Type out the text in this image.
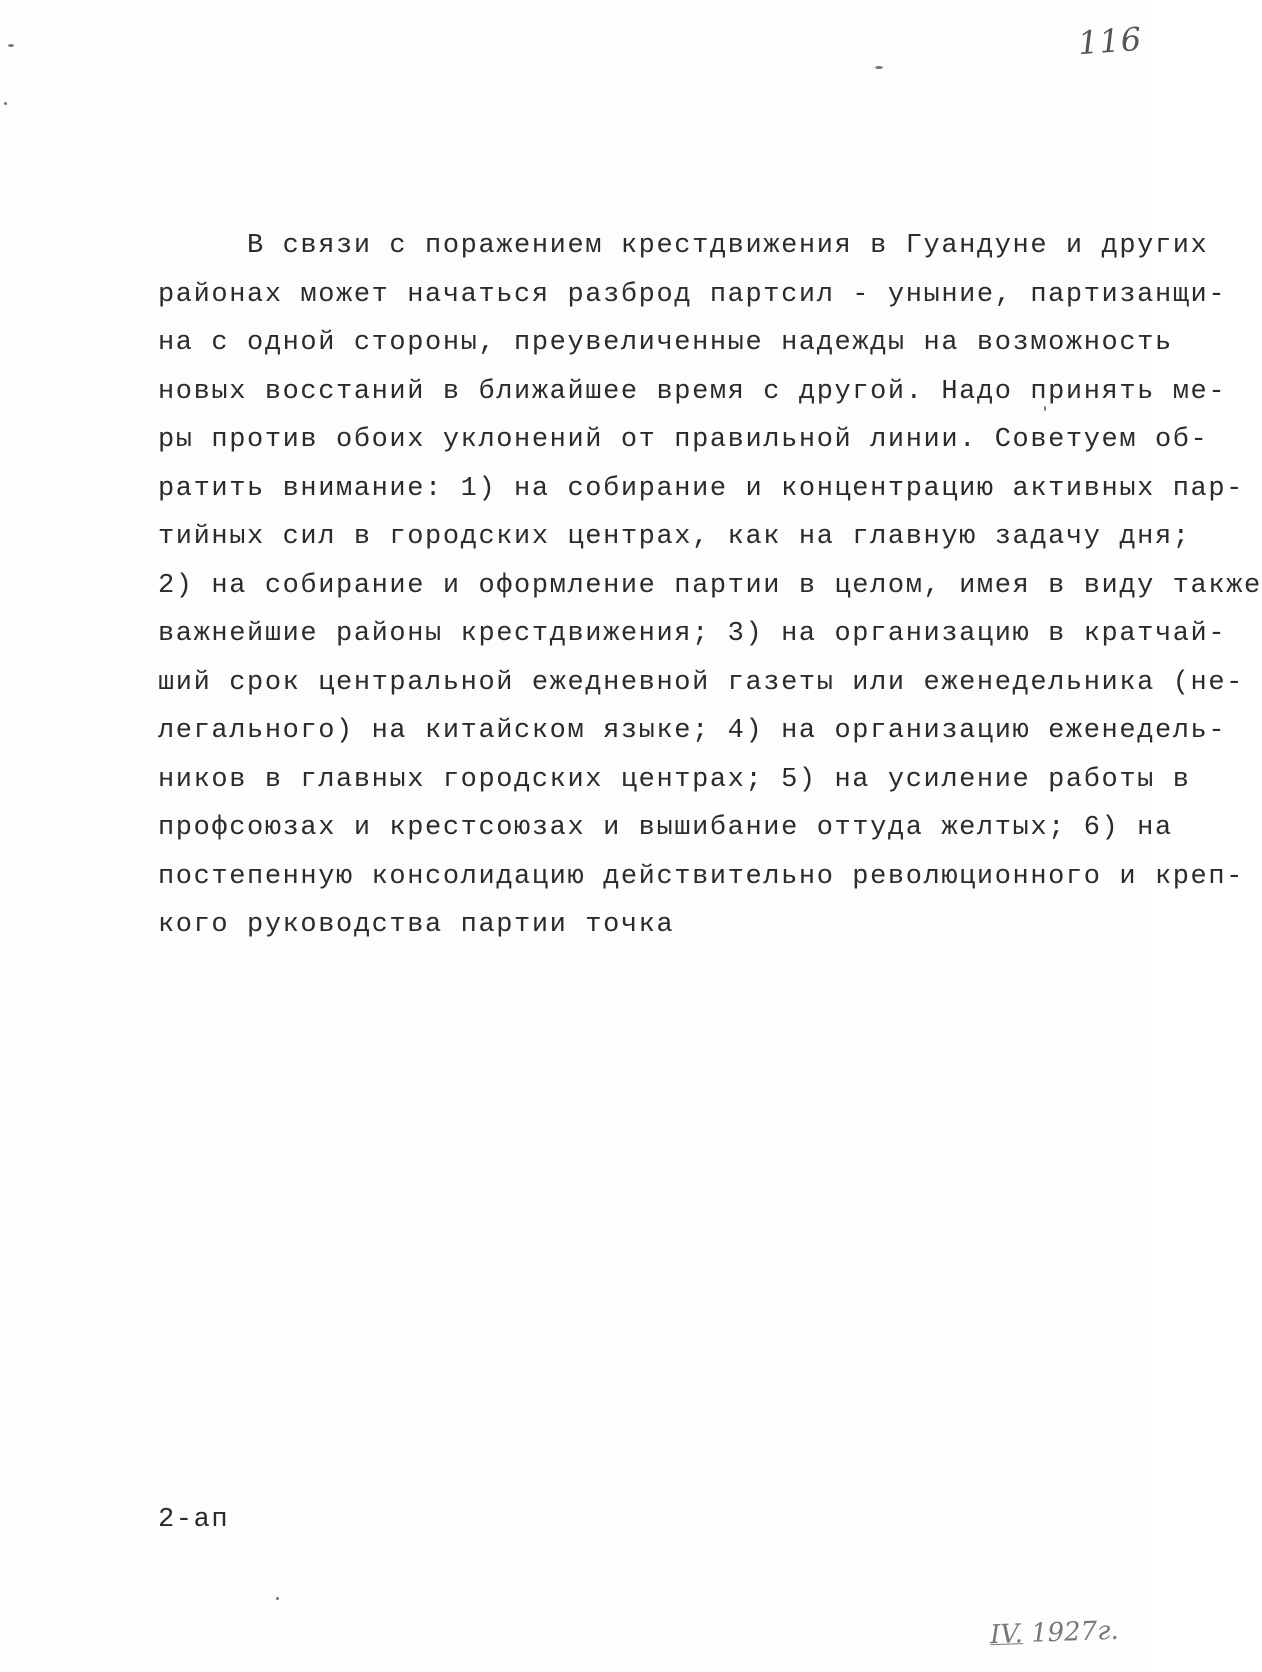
116
В связи с поражением крестдвижения в Гуандуне и других
районах может начаться разброд партсил - уныние, партизанщи-
на с одной стороны, преувеличенные надежды на возможность
новых восстаний в ближайшее время с другой. Надо принять ме-
ры против обоих уклонений от правильной линии. Советуем об-
ратить внимание: 1) на собирание и концентрацию активных пар-
тийных сил в городских центрах, как на главную задачу дня;
2) на собирание и оформление партии в целом, имея в виду также
важнейшие районы крестдвижения; 3) на организацию в кратчай-
ший срок центральной ежедневной газеты или еженедельника (не-
легального) на китайском языке; 4) на организацию еженедель-
ников в главных городских центрах; 5) на усиление работы в
профсоюзах и крестсоюзах и вышибание оттуда желтых; 6) на
постепенную консолидацию действительно революционного и креп-
кого руководства партии точка
2-ап
IV. 1927г.
